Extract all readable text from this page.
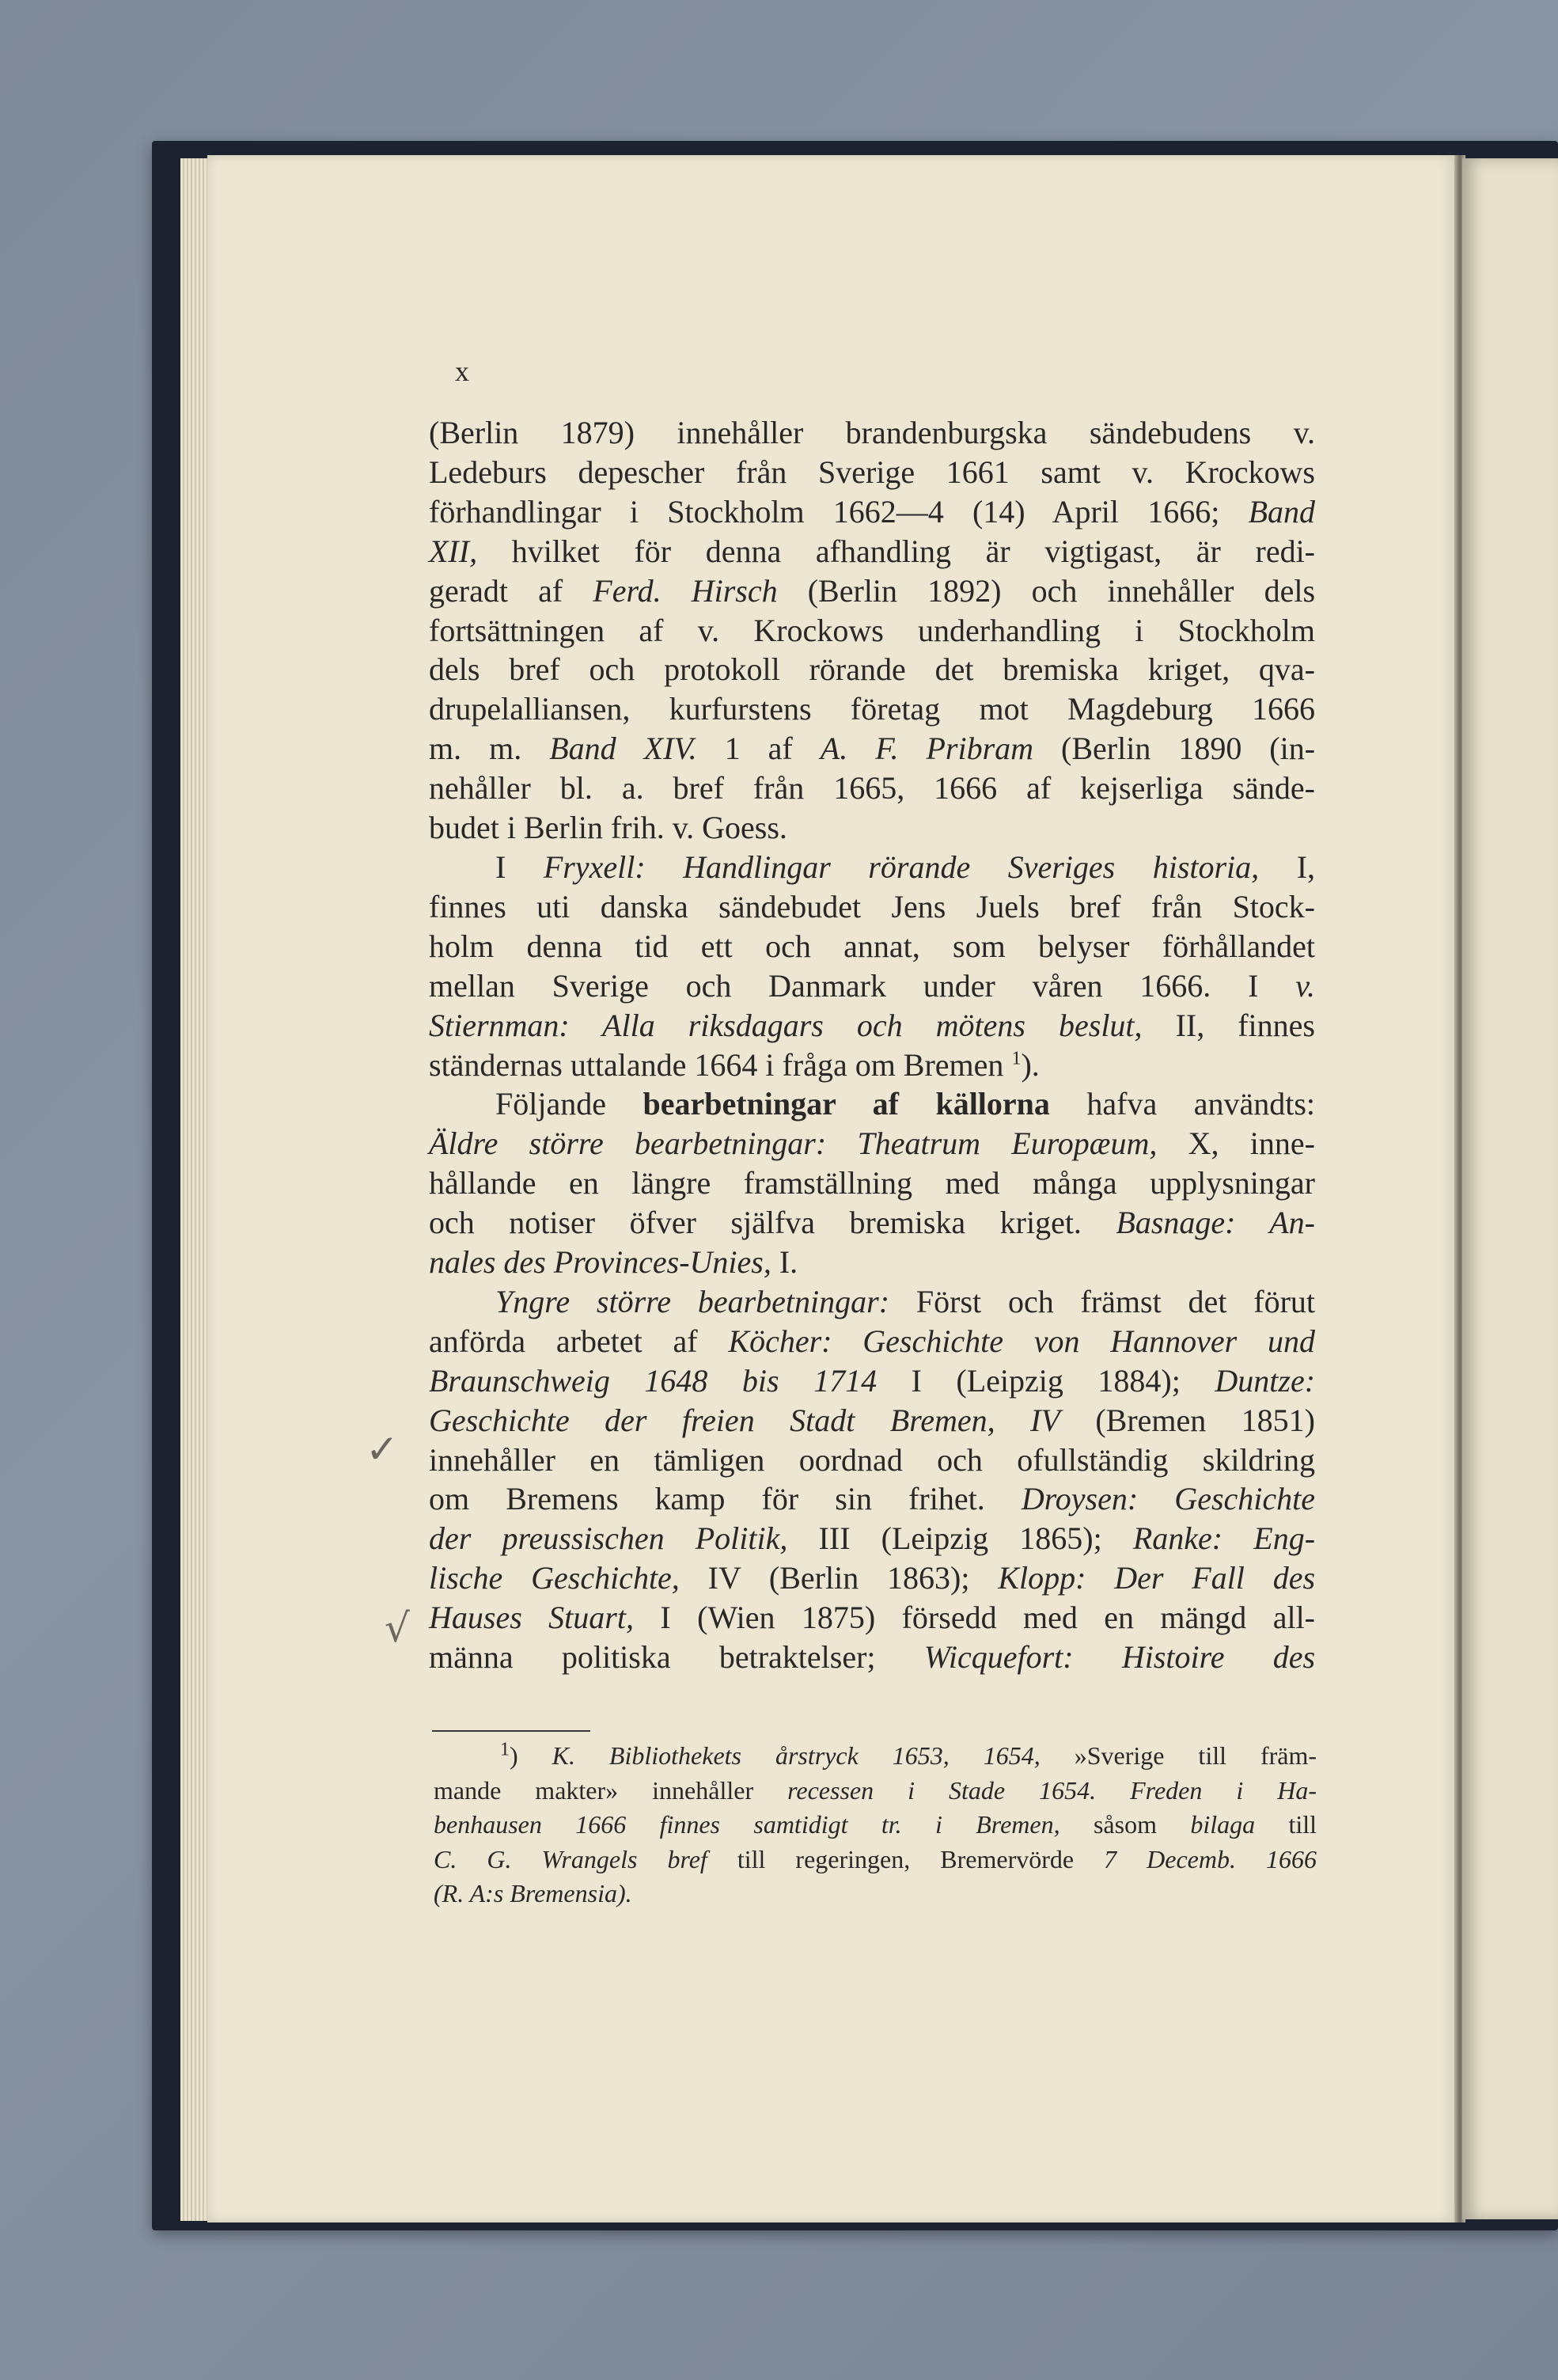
x
(Berlin 1879) innehåller brandenburgska sändebudens v.
Ledeburs depescher från Sverige 1661 samt v. Krockows
förhandlingar i Stockholm 1662—4 (14) April 1666; Band
XII, hvilket för denna afhandling är vigtigast, är redi-
geradt af Ferd. Hirsch (Berlin 1892) och innehåller dels
fortsättningen af v. Krockows underhandling i Stockholm
dels bref och protokoll rörande det bremiska kriget, qva-
drupelalliansen, kurfurstens företag mot Magdeburg 1666
m. m. Band XIV. 1 af A. F. Pribram (Berlin 1890 (in-
nehåller bl. a. bref från 1665, 1666 af kejserliga sände-
budet i Berlin frih. v. Goess.
I Fryxell: Handlingar rörande Sveriges historia, I,
finnes uti danska sändebudet Jens Juels bref från Stock-
holm denna tid ett och annat, som belyser förhållandet
mellan Sverige och Danmark under våren 1666. I v.
Stiernman: Alla riksdagars och mötens beslut, II, finnes
ständernas uttalande 1664 i fråga om Bremen $^1$).
Följande bearbetningar af källorna hafva användts:
Äldre större bearbetningar: Theatrum Europæum, X, inne-
hållande en längre framställning med många upplysningar
och notiser öfver själfva bremiska kriget. Basnage: An-
nales des Provinces-Unies, I.
Yngre större bearbetningar: Först och främst det förut
anförda arbetet af Köcher: Geschichte von Hannover und
Braunschweig 1648 bis 1714 I (Leipzig 1884); Duntze:
Geschichte der freien Stadt Bremen, IV (Bremen 1851)
innehåller en tämligen oordnad och ofullständig skildring
om Bremens kamp för sin frihet. Droysen: Geschichte
der preussischen Politik, III (Leipzig 1865); Ranke: Eng-
lische Geschichte, IV (Berlin 1863); Klopp: Der Fall des
Hauses Stuart, I (Wien 1875) försedd med en mängd all-
männa politiska betraktelser; Wicquefort: Histoire des
$^1$) K. Bibliothekets årstryck 1653, 1654, »Sverige till främ-
mande makter» innehåller recessen i Stade 1654. Freden i Ha-
benhausen 1666 finnes samtidigt tr. i Bremen, såsom bilaga till
C. G. Wrangels bref till regeringen, Bremervörde 7 Decemb. 1666
(R. A:s Bremensia).
✓
√
